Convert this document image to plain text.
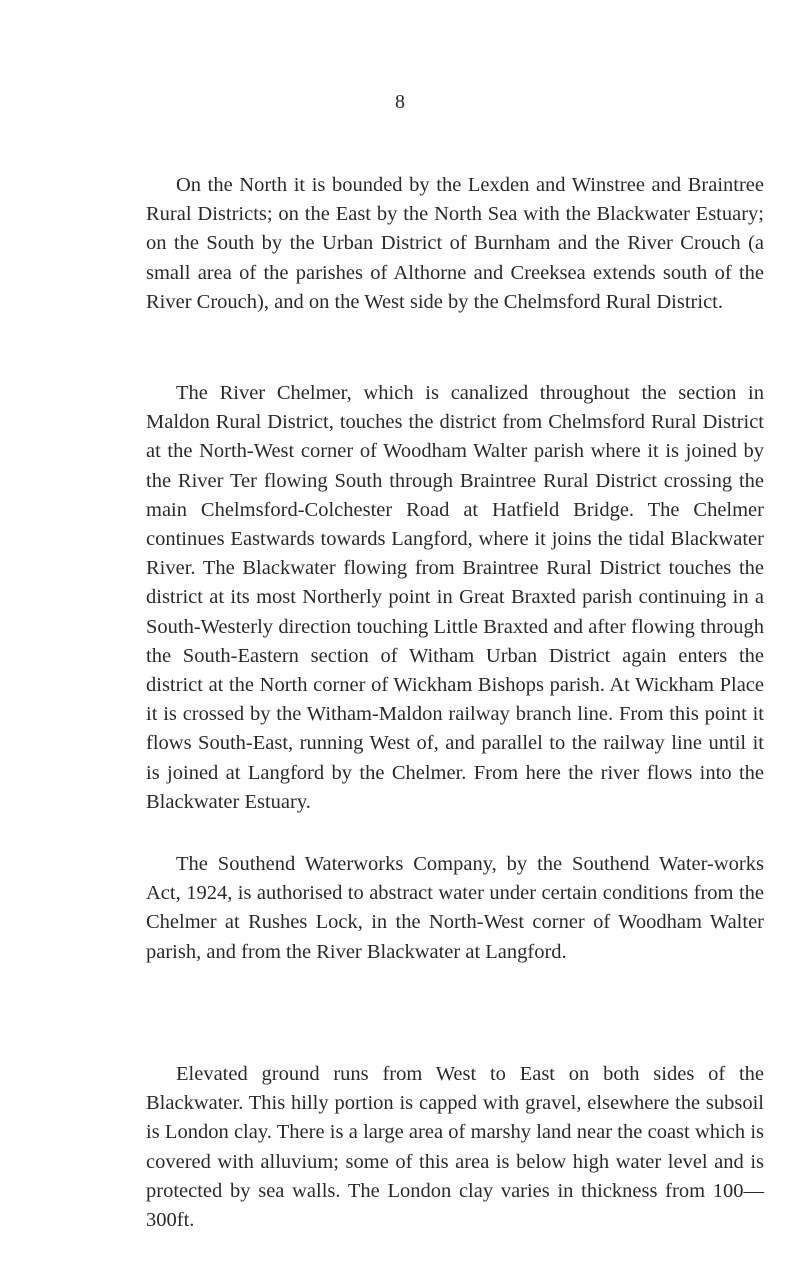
8

On the North it is bounded by the Lexden and Winstree and Braintree Rural Districts; on the East by the North Sea with the Blackwater Estuary; on the South by the Urban District of Burnham and the River Crouch (a small area of the parishes of Althorne and Creeksea extends south of the River Crouch), and on the West side by the Chelmsford Rural District.

The River Chelmer, which is canalized throughout the section in Maldon Rural District, touches the district from Chelmsford Rural District at the North-West corner of Woodham Walter parish where it is joined by the River Ter flowing South through Braintree Rural District crossing the main Chelmsford-Colchester Road at Hatfield Bridge. The Chelmer continues Eastwards towards Langford, where it joins the tidal Blackwater River. The Blackwater flowing from Braintree Rural District touches the district at its most Northerly point in Great Braxted parish continuing in a South-Westerly direction touching Little Braxted and after flowing through the South-Eastern section of Witham Urban District again enters the district at the North corner of Wickham Bishops parish. At Wickham Place it is crossed by the Witham-Maldon railway branch line. From this point it flows South-East, running West of, and parallel to the railway line until it is joined at Langford by the Chelmer. From here the river flows into the Blackwater Estuary.

The Southend Waterworks Company, by the Southend Water-works Act, 1924, is authorised to abstract water under certain conditions from the Chelmer at Rushes Lock, in the North-West corner of Woodham Walter parish, and from the River Blackwater at Langford.

Elevated ground runs from West to East on both sides of the Blackwater. This hilly portion is capped with gravel, elsewhere the subsoil is London clay. There is a large area of marshy land near the coast which is covered with alluvium; some of this area is below high water level and is protected by sea walls. The London clay varies in thickness from 100—300ft.
